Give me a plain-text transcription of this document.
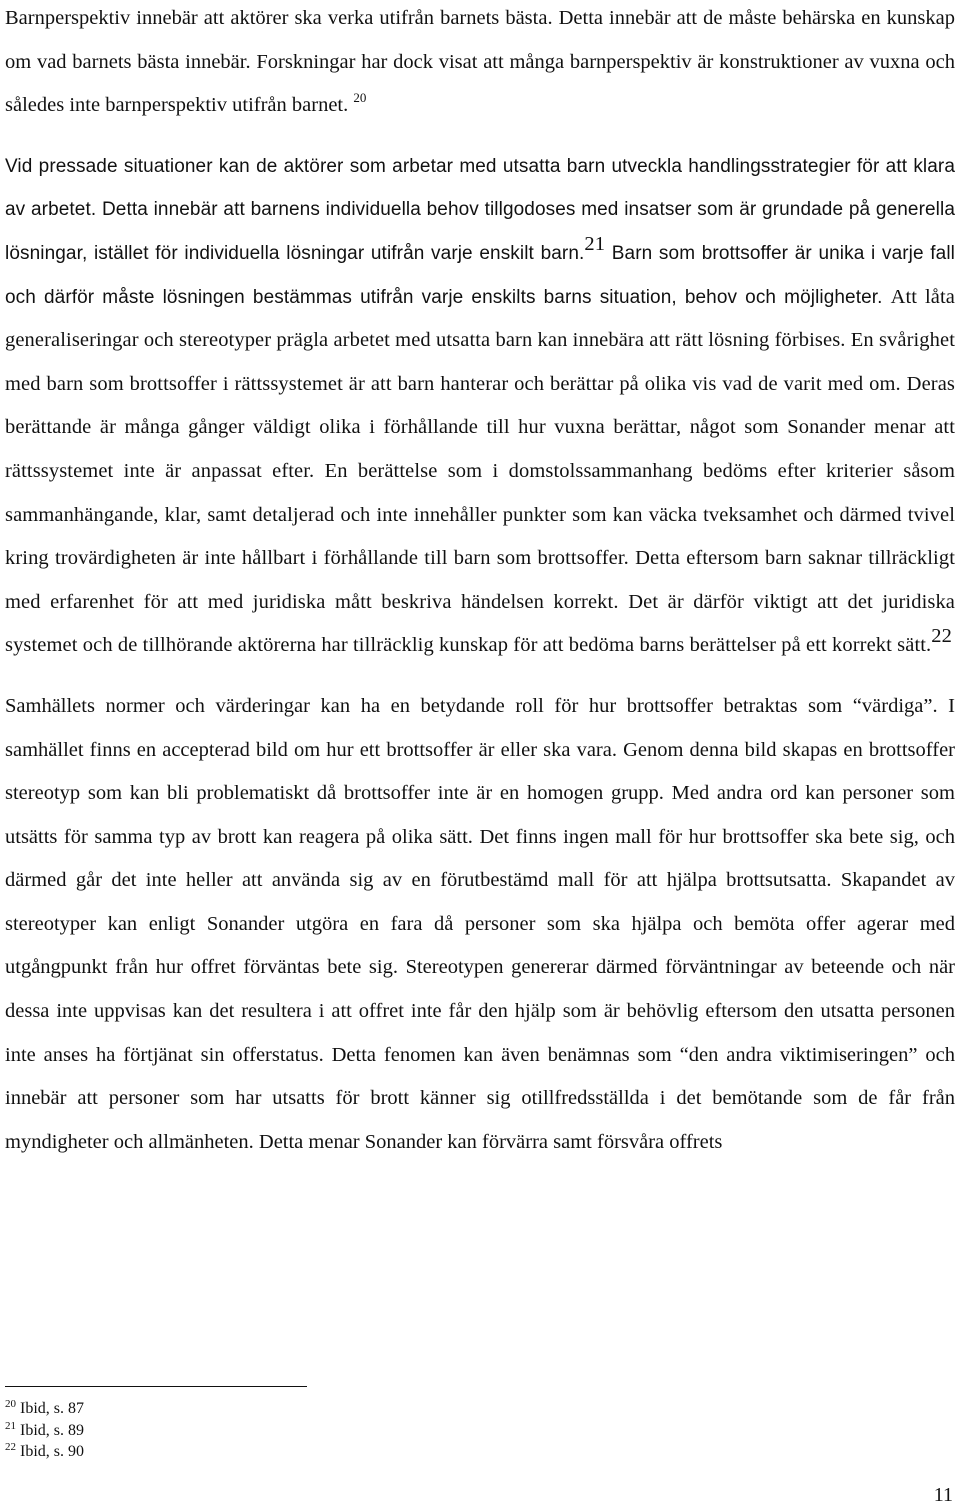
Barnperspektiv innebär att aktörer ska verka utifrån barnets bästa. Detta innebär att de måste behärska en kunskap om vad barnets bästa innebär. Forskningar har dock visat att många barnperspektiv är konstruktioner av vuxna och således inte barnperspektiv utifrån barnet. $^{20}$

Vid pressade situationer kan de aktörer som arbetar med utsatta barn utveckla handlingsstrategier för att klara av arbetet. Detta innebär att barnens individuella behov tillgodoses med insatser som är grundade på generella lösningar, istället för individuella lösningar utifrån varje enskilt barn.$^{21}$ Barn som brottsoffer är unika i varje fall och därför måste lösningen bestämmas utifrån varje enskilts barns situation, behov och möjligheter. Att låta generaliseringar och stereotyper prägla arbetet med utsatta barn kan innebära att rätt lösning förbises. En svårighet med barn som brottsoffer i rättssystemet är att barn hanterar och berättar på olika vis vad de varit med om. Deras berättande är många gånger väldigt olika i förhållande till hur vuxna berättar, något som Sonander menar att rättssystemet inte är anpassat efter. En berättelse som i domstolssammanhang bedöms efter kriterier såsom sammanhängande, klar, samt detaljerad och inte innehåller punkter som kan väcka tveksamhet och därmed tvivel kring trovärdigheten är inte hållbart i förhållande till barn som brottsoffer. Detta eftersom barn saknar tillräckligt med erfarenhet för att med juridiska mått beskriva händelsen korrekt. Det är därför viktigt att det juridiska systemet och de tillhörande aktörerna har tillräcklig kunskap för att bedöma barns berättelser på ett korrekt sätt.$^{22}$

Samhällets normer och värderingar kan ha en betydande roll för hur brottsoffer betraktas som “värdiga”. I samhället finns en accepterad bild om hur ett brottsoffer är eller ska vara. Genom denna bild skapas en brottsoffer stereotyp som kan bli problematiskt då brottsoffer inte är en homogen grupp. Med andra ord kan personer som utsätts för samma typ av brott kan reagera på olika sätt. Det finns ingen mall för hur brottsoffer ska bete sig, och därmed går det inte heller att använda sig av en förutbestämd mall för att hjälpa brottsutsatta. Skapandet av stereotyper kan enligt Sonander utgöra en fara då personer som ska hjälpa och bemöta offer agerar med utgångpunkt från hur offret förväntas bete sig. Stereotypen genererar därmed förväntningar av beteende och när dessa inte uppvisas kan det resultera i att offret inte får den hjälp som är behövlig eftersom den utsatta personen inte anses ha förtjänat sin offerstatus. Detta fenomen kan även benämnas som “den andra viktimiseringen” och innebär att personer som har utsatts för brott känner sig otillfredsställda i det bemötande som de får från myndigheter och allmänheten. Detta menar Sonander kan förvärra samt försvåra offrets

$^{20}$ Ibid, s. 87
$^{21}$ Ibid, s. 89
$^{22}$ Ibid, s. 90
11
